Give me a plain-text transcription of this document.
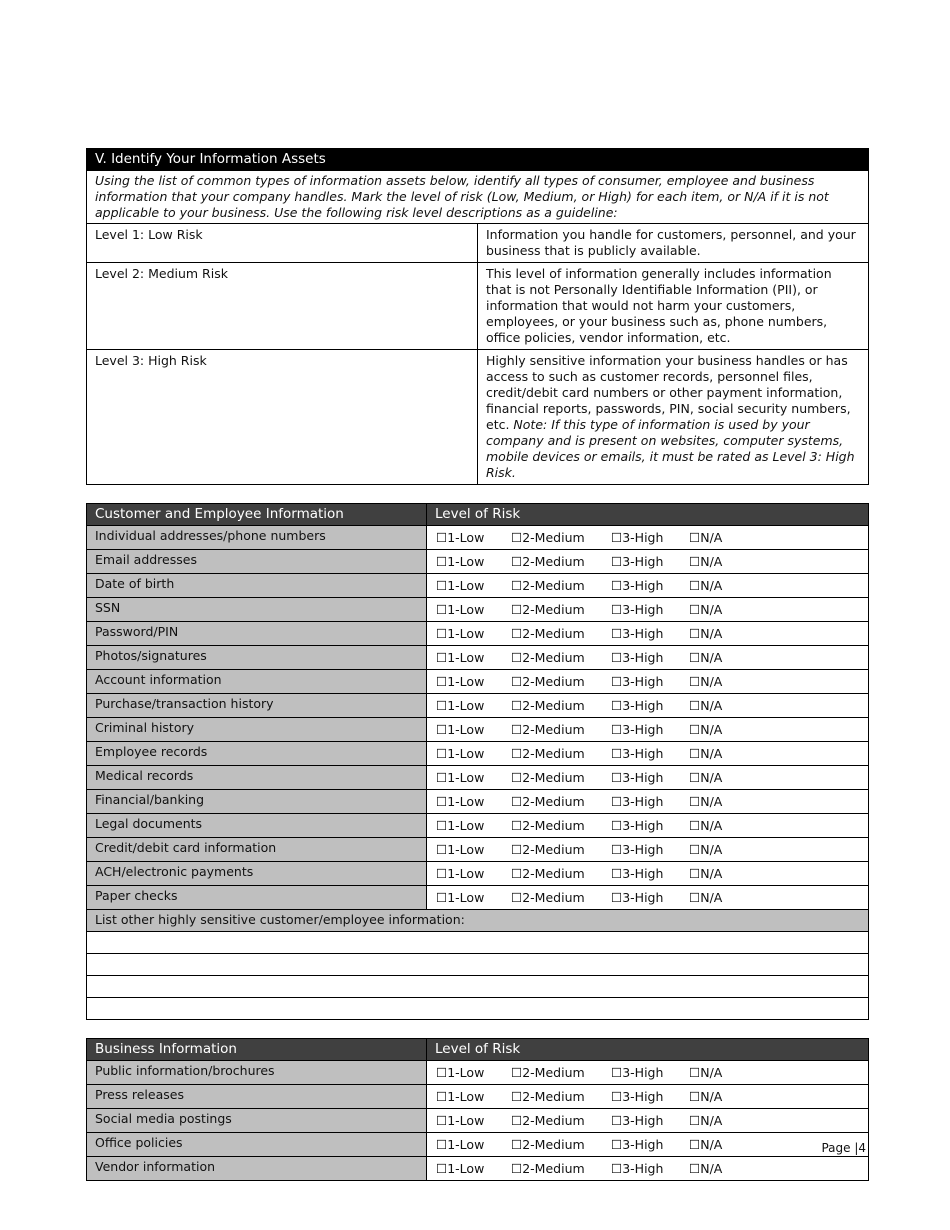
V. Identify Your Information Assets	
Using the list of common types of information assets below, identify all types of consumer, employee and business information that your company handles. Mark the level of risk (Low, Medium, or High) for each item, or N/A if it is not applicable to your business. Use the following risk level descriptions as a guideline:	
Level 1: Low Risk	Information you handle for customers, personnel, and your business that is publicly available.
Level 2: Medium Risk	This level of information generally includes information that is not Personally Identifiable Information (PII), or information that would not harm your customers, employees, or your business such as, phone numbers, office policies, vendor information, etc.
Level 3: High Risk	Highly sensitive information your business handles or has access to such as customer records, personnel files, credit/debit card numbers or other payment information, financial reports, passwords, PIN, social security numbers, etc. Note: If this type of information is used by your company and is present on websites, computer systems, mobile devices or emails, it must be rated as Level 3: High Risk.
Customer and Employee Information	Level of Risk
Individual addresses/phone numbers	☐1-Low ☐2-Medium ☐3-High ☐N/A
Email addresses	☐1-Low ☐2-Medium ☐3-High ☐N/A
Date of birth	☐1-Low ☐2-Medium ☐3-High ☐N/A
SSN	☐1-Low ☐2-Medium ☐3-High ☐N/A
Password/PIN	☐1-Low ☐2-Medium ☐3-High ☐N/A
Photos/signatures	☐1-Low ☐2-Medium ☐3-High ☐N/A
Account information	☐1-Low ☐2-Medium ☐3-High ☐N/A
Purchase/transaction history	☐1-Low ☐2-Medium ☐3-High ☐N/A
Criminal history	☐1-Low ☐2-Medium ☐3-High ☐N/A
Employee records	☐1-Low ☐2-Medium ☐3-High ☐N/A
Medical records	☐1-Low ☐2-Medium ☐3-High ☐N/A
Financial/banking	☐1-Low ☐2-Medium ☐3-High ☐N/A
Legal documents	☐1-Low ☐2-Medium ☐3-High ☐N/A
Credit/debit card information	☐1-Low ☐2-Medium ☐3-High ☐N/A
ACH/electronic payments	☐1-Low ☐2-Medium ☐3-High ☐N/A
Paper checks	☐1-Low ☐2-Medium ☐3-High ☐N/A
List other highly sensitive customer/employee information:	

Business Information	Level of Risk
Public information/brochures	☐1-Low ☐2-Medium ☐3-High ☐N/A
Press releases	☐1-Low ☐2-Medium ☐3-High ☐N/A
Social media postings	☐1-Low ☐2-Medium ☐3-High ☐N/A
Office policies	☐1-Low ☐2-Medium ☐3-High ☐N/A
Vendor information	☐1-Low ☐2-Medium ☐3-High ☐N/A
Page |4
